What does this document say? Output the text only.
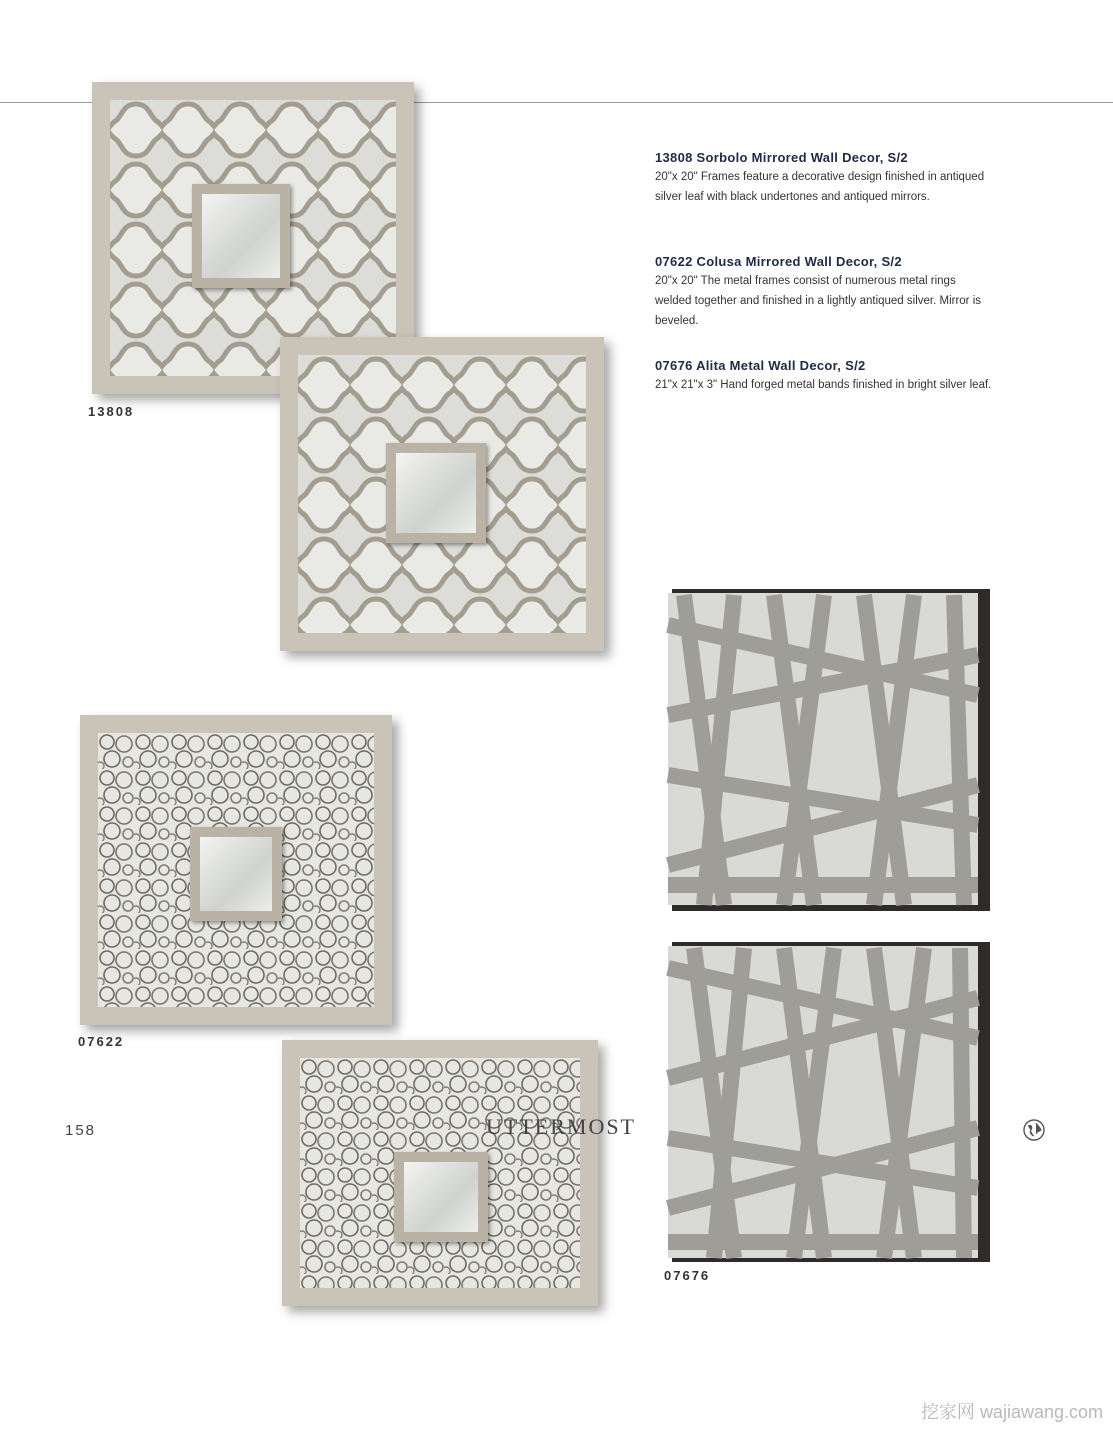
13808
07622
07676
13808 Sorbolo Mirrored Wall Decor, S/2
20"x 20" Frames feature a decorative design finished in antiqued silver leaf with black undertones and antiqued mirrors.
07622 Colusa Mirrored Wall Decor, S/2
20"x 20" The metal frames consist of numerous metal rings welded together and finished in a lightly antiqued silver. Mirror is beveled.
07676 Alita Metal Wall Decor, S/2
21"x 21"x 3" Hand forged metal bands finished in bright silver leaf.
158	UTTERMOST
挖家网 wajiawang.com
